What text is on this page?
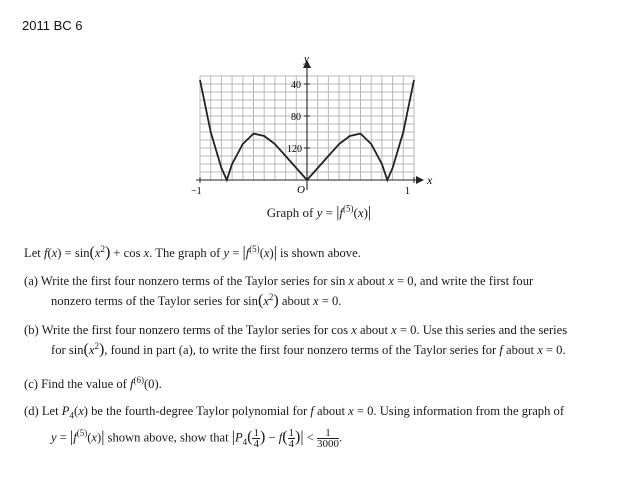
2011 BC 6
y
x
120
80
40
−1	O	1
Graph of $y = |f^{(5)}(x)|$
Let $f(x) = \sin(x^2) + \cos x$. The graph of $y = |f^{(5)}(x)|$ is shown above.
(a) Write the first four nonzero terms of the Taylor series for sin x about x = 0, and write the first four
nonzero terms of the Taylor series for $\sin(x^2)$ about x = 0.
(b) Write the first four nonzero terms of the Taylor series for cos x about x = 0. Use this series and the series
for $\sin(x^2)$, found in part (a), to write the first four nonzero terms of the Taylor series for f about x = 0.
(c) Find the value of $f^{(6)}(0)$.
(d) Let $P_4(x)$ be the fourth-degree Taylor polynomial for f about x = 0. Using information from the graph of
$y = |f^{(5)}(x)|$ shown above, show that $|P_4( \frac{1}{4}$ ) − $f( \frac{1}{4}$ )| < $\frac{1}{3000}$ .
